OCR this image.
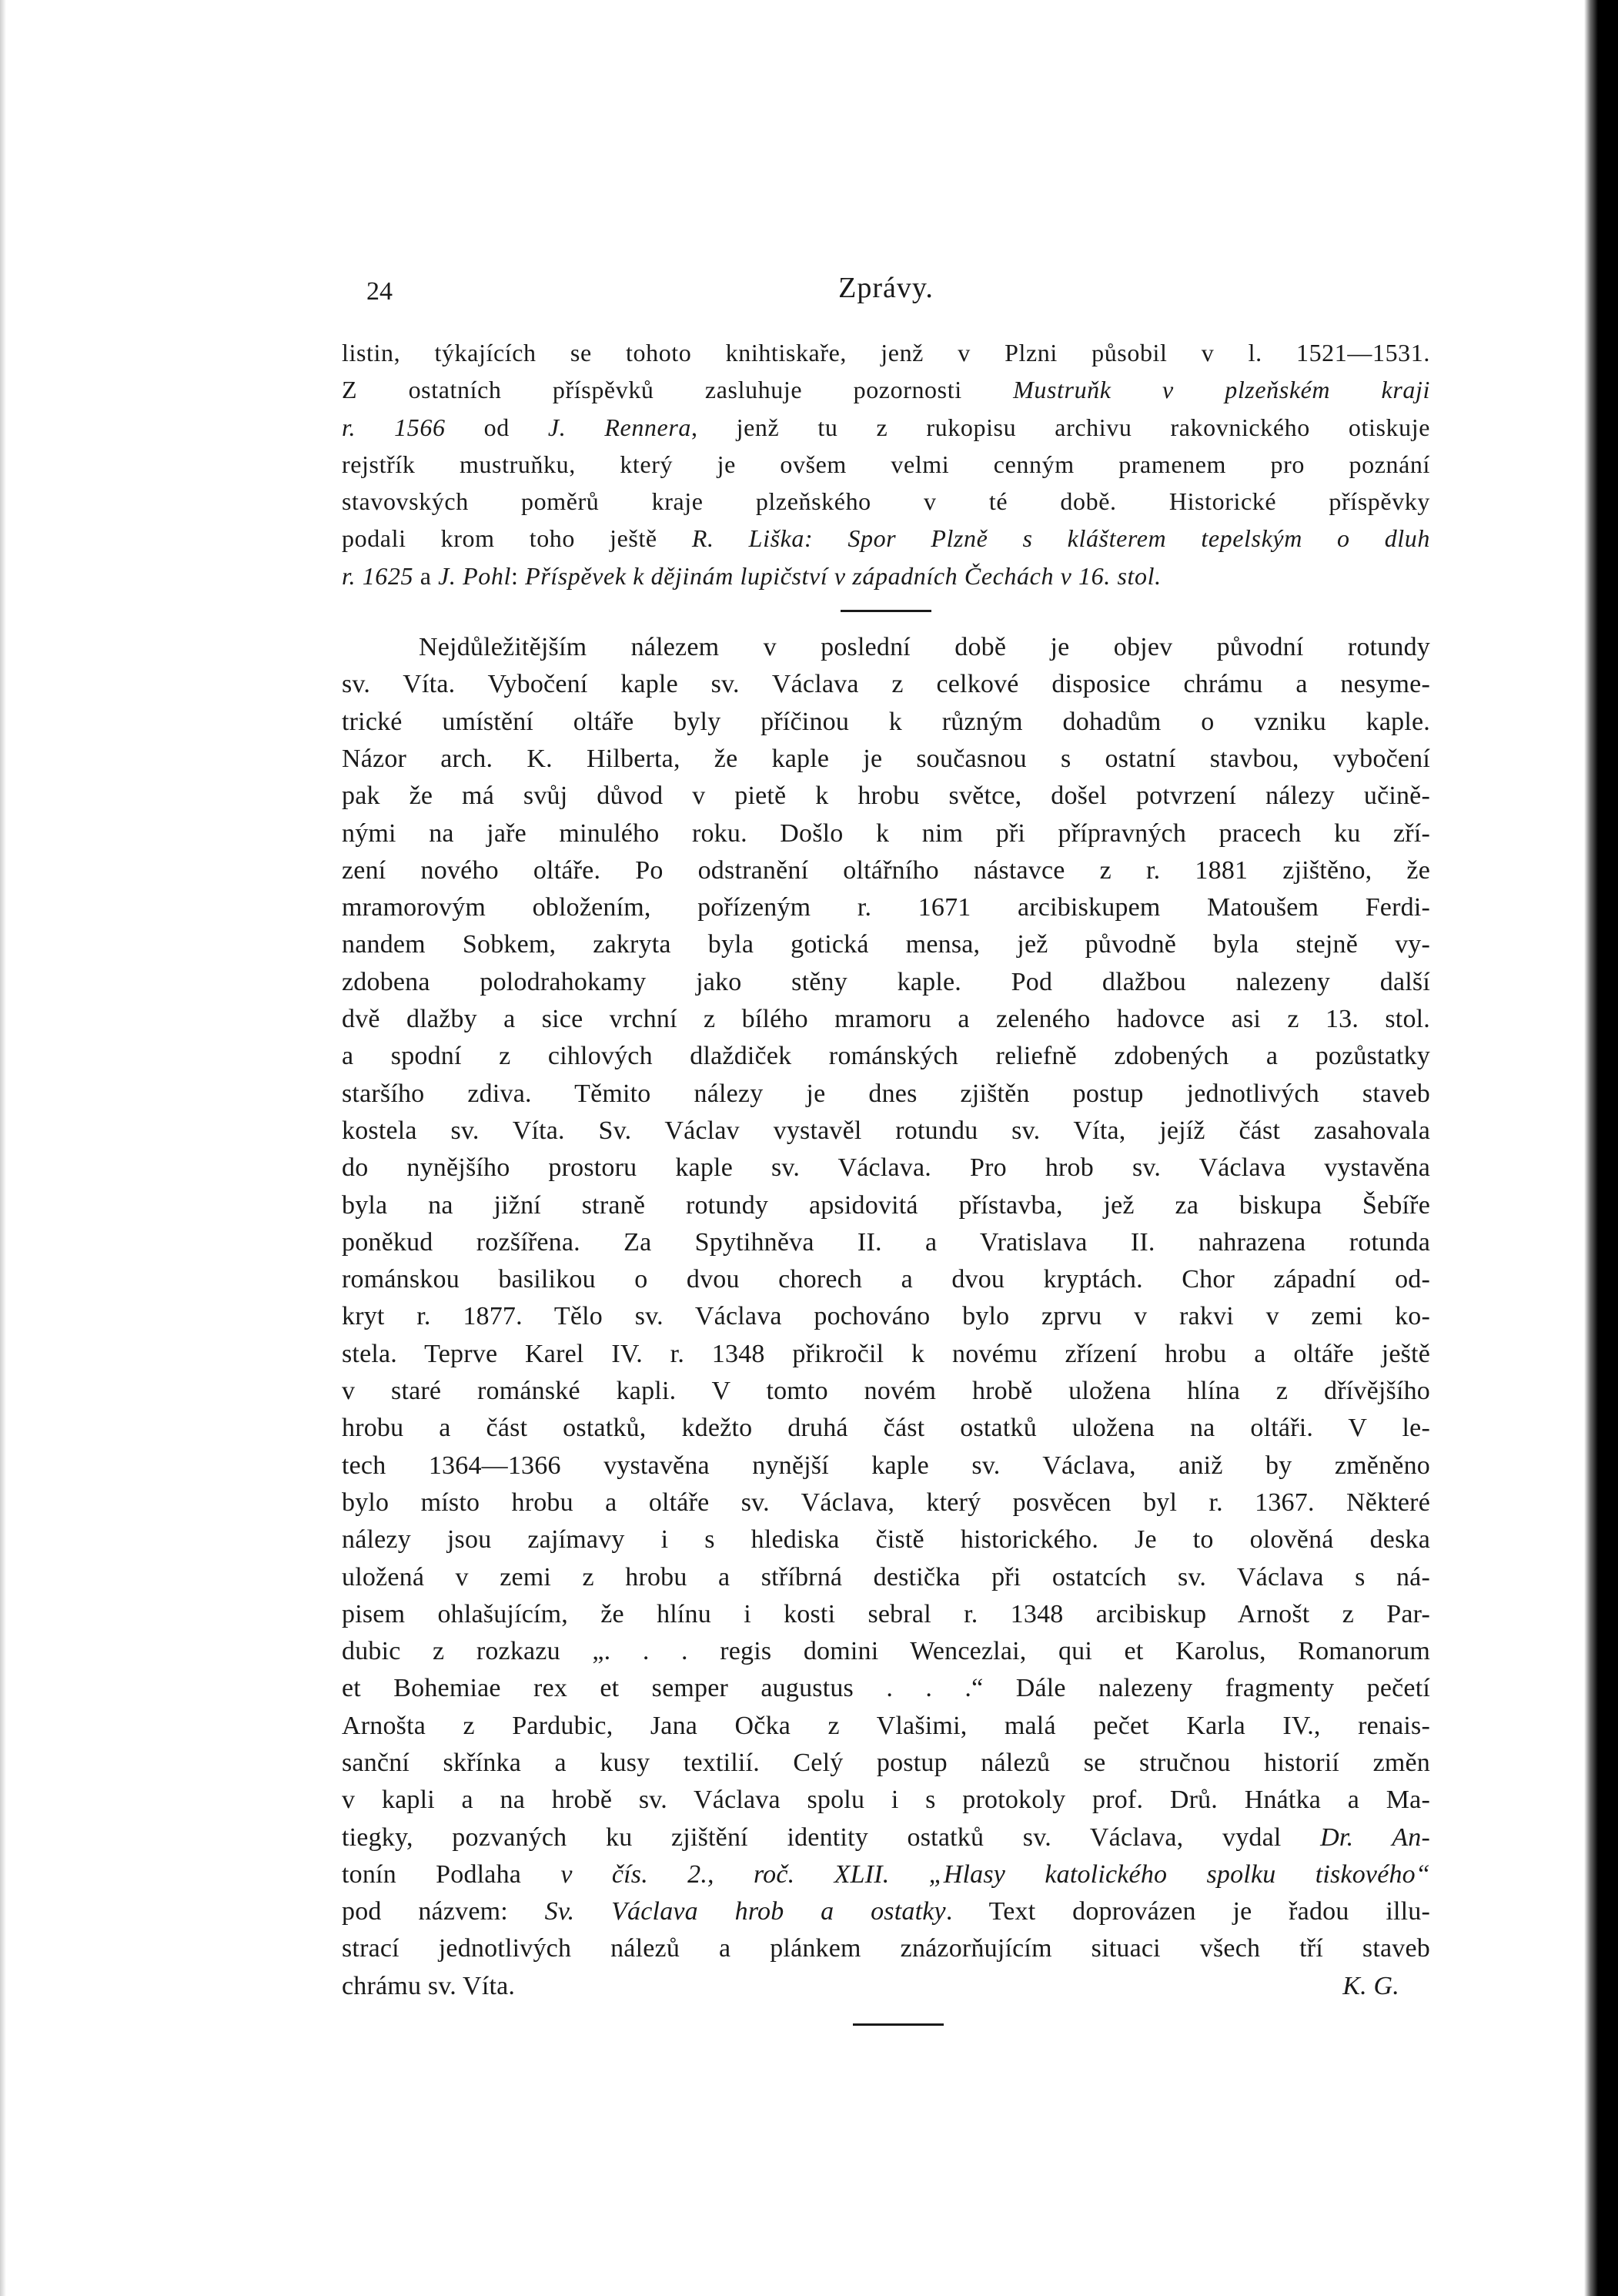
24	Zprávy.
listin, týkajících se tohoto knihtiskaře, jenž v Plzni působil v l. 1521—1531.
Z ostatních příspěvků zasluhuje pozornosti Mustruňk v plzeňském kraji
r. 1566 od J. Rennera, jenž tu z rukopisu archivu rakovnického otiskuje
rejstřík mustruňku, který je ovšem velmi cenným pramenem pro poznání
stavovských poměrů kraje plzeňského v té době. Historické příspěvky
podali krom toho ještě R. Liška: Spor Plzně s klášterem tepelským o dluh
r. 1625 a J. Pohl: Příspěvek k dějinám lupičství v západních Čechách v 16. stol.
Nejdůležitějším nálezem v poslední době je objev původní rotundy
sv. Víta. Vybočení kaple sv. Václava z celkové disposice chrámu a nesyme-
trické umístění oltáře byly příčinou k různým dohadům o vzniku kaple.
Názor arch. K. Hilberta, že kaple je současnou s ostatní stavbou, vybočení
pak že má svůj důvod v pietě k hrobu světce, došel potvrzení nálezy učině-
nými na jaře minulého roku. Došlo k nim při přípravných pracech ku zří-
zení nového oltáře. Po odstranění oltářního nástavce z r. 1881 zjištěno, že
mramorovým obložením, pořízeným r. 1671 arcibiskupem Matoušem Ferdi-
nandem Sobkem, zakryta byla gotická mensa, jež původně byla stejně vy-
zdobena polodrahokamy jako stěny kaple. Pod dlažbou nalezeny další
dvě dlažby a sice vrchní z bílého mramoru a zeleného hadovce asi z 13. stol.
a spodní z cihlových dlaždiček románských reliefně zdobených a pozůstatky
staršího zdiva. Těmito nálezy je dnes zjištěn postup jednotlivých staveb
kostela sv. Víta. Sv. Václav vystavěl rotundu sv. Víta, jejíž část zasahovala
do nynějšího prostoru kaple sv. Václava. Pro hrob sv. Václava vystavěna
byla na jižní straně rotundy apsidovitá přístavba, jež za biskupa Šebíře
poněkud rozšířena. Za Spytihněva II. a Vratislava II. nahrazena rotunda
románskou basilikou o dvou chorech a dvou kryptách. Chor západní od-
kryt r. 1877. Tělo sv. Václava pochováno bylo zprvu v rakvi v zemi ko-
stela. Teprve Karel IV. r. 1348 přikročil k novému zřízení hrobu a oltáře ještě
v staré románské kapli. V tomto novém hrobě uložena hlína z dřívějšího
hrobu a část ostatků, kdežto druhá část ostatků uložena na oltáři. V le-
tech 1364—1366 vystavěna nynější kaple sv. Václava, aniž by změněno
bylo místo hrobu a oltáře sv. Václava, který posvěcen byl r. 1367. Některé
nálezy jsou zajímavy i s hlediska čistě historického. Je to olověná deska
uložená v zemi z hrobu a stříbrná destička při ostatcích sv. Václava s ná-
pisem ohlašujícím, že hlínu i kosti sebral r. 1348 arcibiskup Arnošt z Par-
dubic z rozkazu „. . . regis domini Wencezlai, qui et Karolus, Romanorum
et Bohemiae rex et semper augustus . . .“ Dále nalezeny fragmenty pečetí
Arnošta z Pardubic, Jana Očka z Vlašimi, malá pečet Karla IV., renais-
sanční skřínka a kusy textilií. Celý postup nálezů se stručnou historií změn
v kapli a na hrobě sv. Václava spolu i s protokoly prof. Drů. Hnátka a Ma-
tiegky, pozvaných ku zjištění identity ostatků sv. Václava, vydal Dr. An-
tonín Podlaha v čís. 2., roč. XLII. „Hlasy katolického spolku tiskového“
pod názvem: Sv. Václava hrob a ostatky. Text doprovázen je řadou illu-
strací jednotlivých nálezů a plánkem znázorňujícím situaci všech tří staveb
chrámu sv. Víta.	K. G.
